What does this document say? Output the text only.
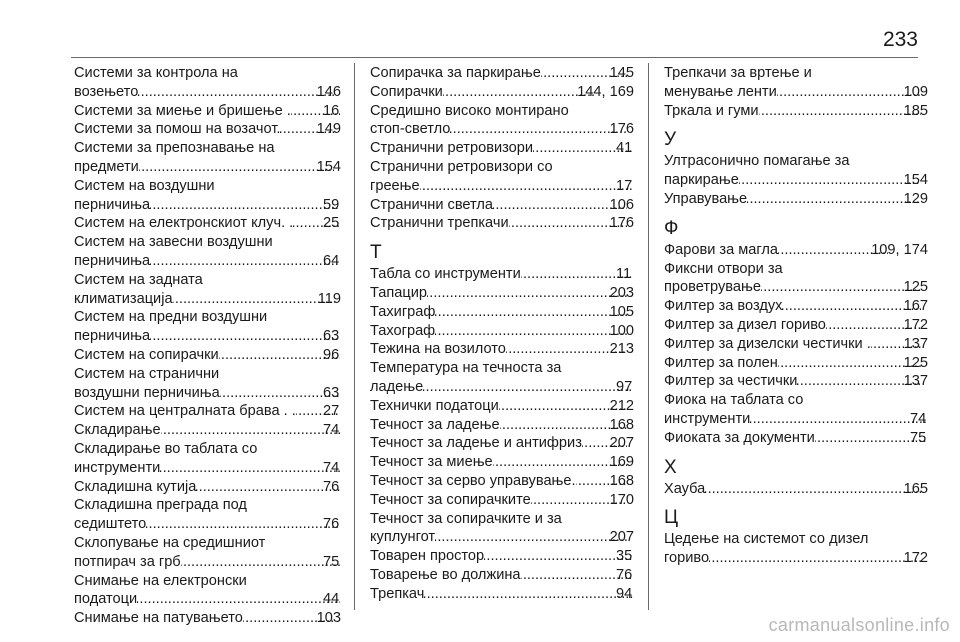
233
Системи за контрола на
возењето .....	146
Системи за миење и бришење . ..... 16
Системи за помош на возачот. ..... 149
Системи за препознавање на
предмети .....	154
Систем на воздушни
перничиња .....	59
Систем на електронскиот клуч. . ..... 25
Систем на завесни воздушни
перничиња .....	64
Систем на задната
климатизација .....	119
Систем на предни воздушни
перничиња .....	63
Систем на сопирачки .....	96
Систем на странични
воздушни перничиња .....	63
Систем на централната брава . . ..... 27
Складирање .....	74
Складирање во таблата со
инструменти .....	74
Складишна кутија .....	76
Складишна преграда под
седиштето .....	76
Склопување на средишниот
потпирач за грб .....	75
Снимање на електронски
податоци .....	44
Снимање на патувањето .....	103
Сопирачка за паркирање .....	145
Сопирачки .....	144, 169
Средишно високо монтирано
стоп-светло .....	176
Странични ретровизори .....	41
Странични ретровизори со
греење .....	17
Странични светла .....	106
Странични трепкачи .....	176
Т
Табла со инструменти .....	11
Тапацир .....	203
Тахиграф .....	105
Тахограф .....	100
Тежина на возилото .....	213
Температура на течноста за
ладење .....	97
Технички податоци .....	212
Течност за ладење .....	168
Течност за ладење и антифриз ..... 207
Течност за миење .....	169
Течност за серво управување. ..... 168
Течност за сопирачките .....	170
Течност за сопирачките и за
куплунгот .....	207
Товарен простор .....	35
Товарење во должина .....	76
Трепкач .....	94
Трепкачи за вртење и
менување ленти .....	109
Тркала и гуми .....	185
У
Ултрасонично помагање за
паркирање .....	154
Управување .....	129
Ф
Фарови за магла .....	109, 174
Фиксни отвори за
проветрување .....	125
Филтер за воздух .....	167
Филтер за дизел гориво .....	172
Филтер за дизелски честички . ..... 137
Филтер за полен .....	125
Филтер за честички .....	137
Фиока на таблата со
инструменти .....	74
Фиоката за документи .....	75
Х
Хауба .....	165
Ц
Цедење на системот со дизел
гориво .....	172
carmanualsonline.info
